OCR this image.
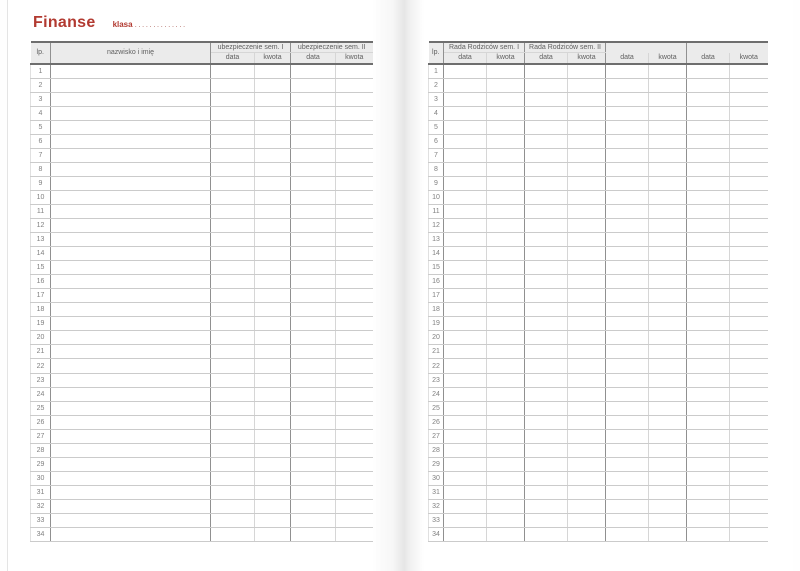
Finanse klasa ..............
lp.	nazwisko i imię	ubezpieczenie sem. I		ubezpieczenie sem. II	
		data	kwota	data	kwota
1					
2					
3					
4					
5					
6					
7					
8					
9					
10					
11					
12					
13					
14					
15					
16					
17					
18					
19					
20					
21					
22					
23					
24					
25					
26					
27					
28					
29					
30					
31					
32					
33					
34					
lp.	Rada Rodziców sem. I		Rada Rodziców sem. II					
	data	kwota	data	kwota	data	kwota	data	kwota
1								
2								
3								
4								
5								
6								
7								
8								
9								
10								
11								
12								
13								
14								
15								
16								
17								
18								
19								
20								
21								
22								
23								
24								
25								
26								
27								
28								
29								
30								
31								
32								
33								
34								
